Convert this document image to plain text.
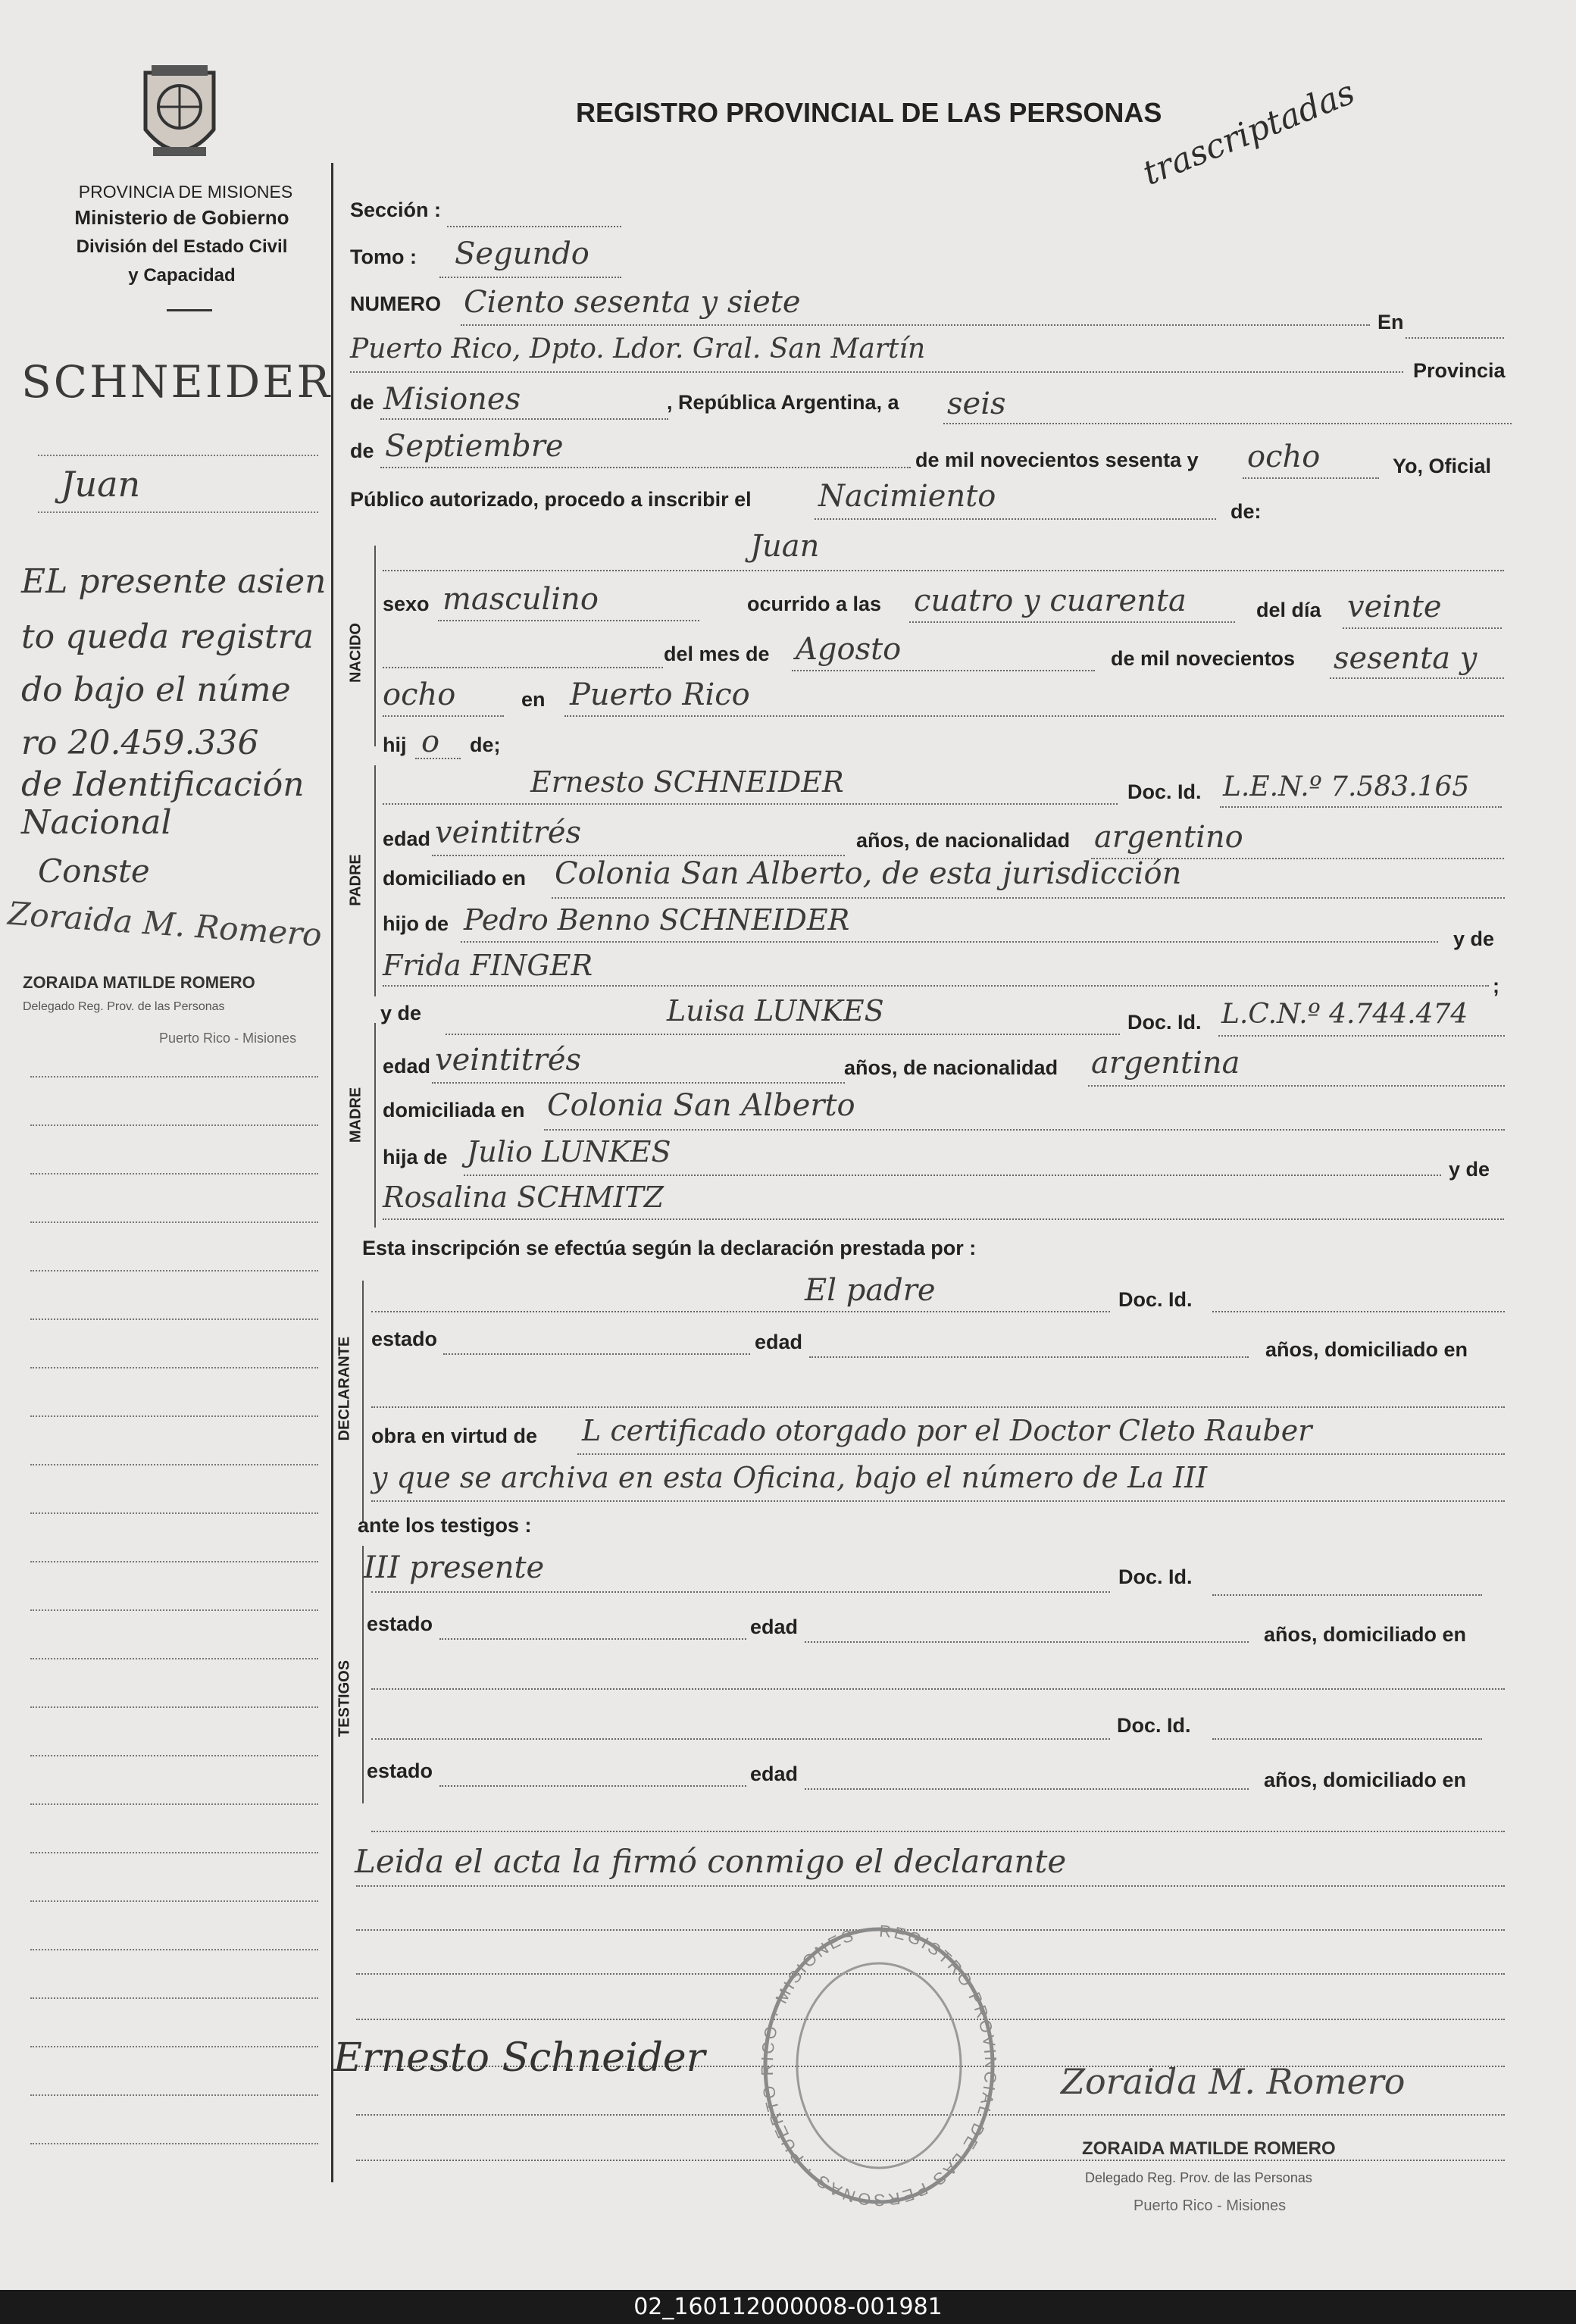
PROVINCIA DE MISIONES
Ministerio de Gobierno
División del Estado Civil
y Capacidad
REGISTRO PROVINCIAL DE LAS PERSONAS
trascriptadas
SCHNEIDER
Juan
EL presente asien
to queda registra
do bajo el núme
ro 20.459.336
de Identificación
Nacional
Conste
Zoraida M. Romero
ZORAIDA MATILDE ROMERO
Delegado Reg. Prov. de las Personas
Puerto Rico - Misiones
Sección :
Tomo : Segundo
NUMERO Ciento sesenta y siete
En
Puerto Rico, Dpto. Ldor. Gral. San Martín
Provincia
de Misiones	, República Argentina, a seis
de Septiembre	de mil novecientos sesenta y ocho	Yo, Oficial
Público autorizado, procedo a inscribir el Nacimiento	de:
NACIDO
Juan
sexo masculino	ocurrido a las cuatro y cuarenta	del día veinte
del mes de Agosto	de mil novecientos sesenta y
ocho	en Puerto Rico
hij o de;
PADRE
Ernesto SCHNEIDER	Doc. Id. L.E.N.º 7.583.165
edad veintitrés	años, de nacionalidad argentino
domiciliado en Colonia San Alberto, de esta jurisdicción
hijo de Pedro Benno SCHNEIDER
y de
Frida FINGER
;
y de
MADRE
Luisa LUNKES	Doc. Id. L.C.N.º 4.744.474
edad veintitrés	años, de nacionalidad argentina
domiciliada en Colonia San Alberto
hija de Julio LUNKES
y de
Rosalina SCHMITZ
Esta inscripción se efectúa según la declaración prestada por :
DECLARANTE
El padre	Doc. Id.
estado	edad	años, domiciliado en
obra en virtud de L certificado otorgado por el Doctor Cleto Rauber
y que se archiva en esta Oficina, bajo el número de La III
ante los testigos :
TESTIGOS
III presente	Doc. Id.
estado	edad	años, domiciliado en
Doc. Id.
estado	edad	años, domiciliado en
Leida el acta la firmó conmigo el declarante
REGISTRO PROVINCIAL DE LAS PERSONAS · PUERTO RICO · MISIONES
Ernesto Schneider
Zoraida M. Romero
ZORAIDA MATILDE ROMERO
Delegado Reg. Prov. de las Personas
Puerto Rico - Misiones
02_160112000008-001981
